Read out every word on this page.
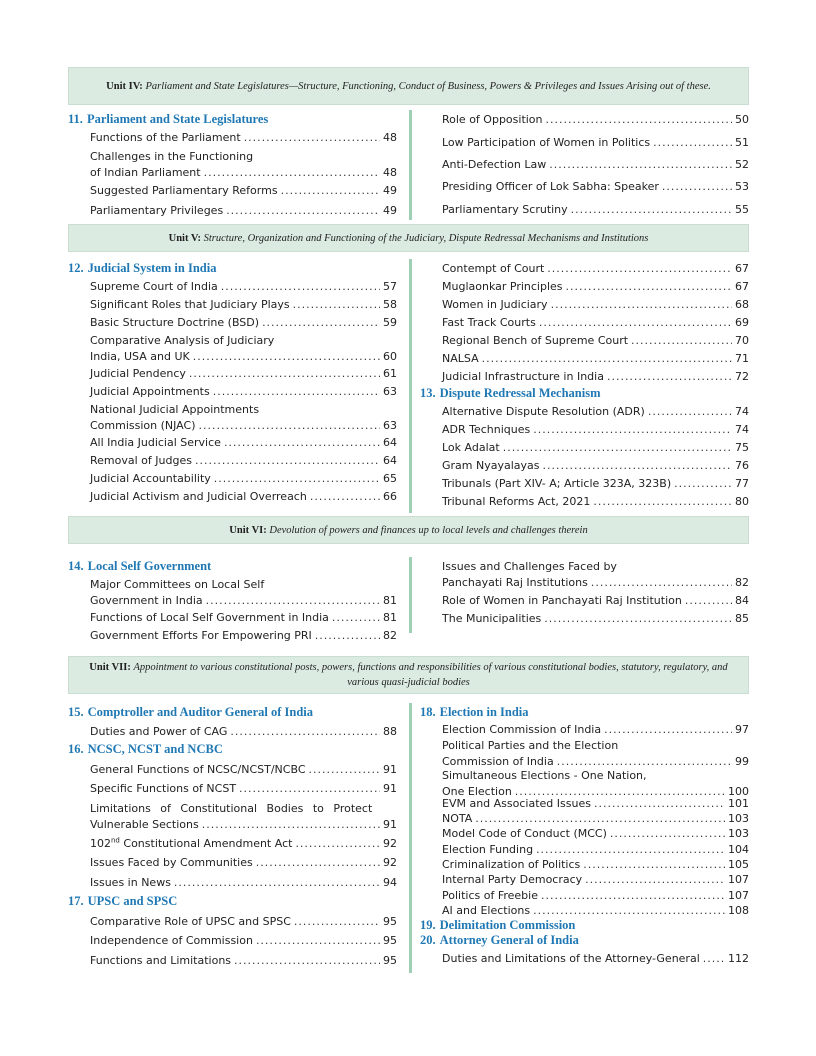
Unit IV: Parliament and State Legislatures—Structure, Functioning, Conduct of Business, Powers & Privileges and Issues Arising out of these.
11. Parliament and State Legislatures
Functions of the Parliament .....	48
Challenges in the Functioning
of Indian Parliament .....	48
Suggested Parliamentary Reforms .....	49
Parliamentary Privileges .....	49
Role of Opposition .....	50
Low Participation of Women in Politics .....	51
Anti-Defection Law .....	52
Presiding Officer of Lok Sabha: Speaker .....	53
Parliamentary Scrutiny .....	55
Unit V: Structure, Organization and Functioning of the Judiciary, Dispute Redressal Mechanisms and Institutions
12. Judicial System in India
Supreme Court of India .....	57
Significant Roles that Judiciary Plays .....	58
Basic Structure Doctrine (BSD) .....	59
Comparative Analysis of Judiciary
India, USA and UK .....	60
Judicial Pendency .....	61
Judicial Appointments .....	63
National Judicial Appointments
Commission (NJAC) .....	63
All India Judicial Service .....	64
Removal of Judges .....	64
Judicial Accountability .....	65
Judicial Activism and Judicial Overreach .....	66
Contempt of Court .....	67
Muglaonkar Principles .....	67
Women in Judiciary .....	68
Fast Track Courts .....	69
Regional Bench of Supreme Court .....	70
NALSA .....	71
Judicial Infrastructure in India .....	72
13. Dispute Redressal Mechanism
Alternative Dispute Resolution (ADR) .....	74
ADR Techniques .....	74
Lok Adalat .....	75
Gram Nyayalayas .....	76
Tribunals (Part XIV- A; Article 323A, 323B) .....	77
Tribunal Reforms Act, 2021 .....	80
Unit VI: Devolution of powers and finances up to local levels and challenges therein
14. Local Self Government
Major Committees on Local Self
Government in India .....	81
Functions of Local Self Government in India .....	81
Government Efforts For Empowering PRI .....	82
Issues and Challenges Faced by
Panchayati Raj Institutions .....	82
Role of Women in Panchayati Raj Institution .....	84
The Municipalities .....	85
Unit VII: Appointment to various constitutional posts, powers, functions and responsibilities of various constitutional bodies, statutory, regulatory, and various quasi-judicial bodies
15. Comptroller and Auditor General of India
Duties and Power of CAG .....	88
16. NCSC, NCST and NCBC
General Functions of NCSC/NCST/NCBC .....	91
Specific Functions of NCST .....	91
Limitations of Constitutional Bodies to Protect
Vulnerable Sections .....	91
102nd Constitutional Amendment Act .....	92
Issues Faced by Communities .....	92
Issues in News .....	94
17. UPSC and SPSC
Comparative Role of UPSC and SPSC .....	95
Independence of Commission .....	95
Functions and Limitations .....	95
18. Election in India
Election Commission of India .....	97
Political Parties and the Election
Commission of India .....	99
Simultaneous Elections - One Nation,
One Election .....	100
EVM and Associated Issues .....	101
NOTA .....	103
Model Code of Conduct (MCC) .....	103
Election Funding .....	104
Criminalization of Politics .....	105
Internal Party Democracy .....	107
Politics of Freebie .....	107
AI and Elections .....	108
19. Delimitation Commission
20. Attorney General of India
Duties and Limitations of the Attorney-General .....	112
